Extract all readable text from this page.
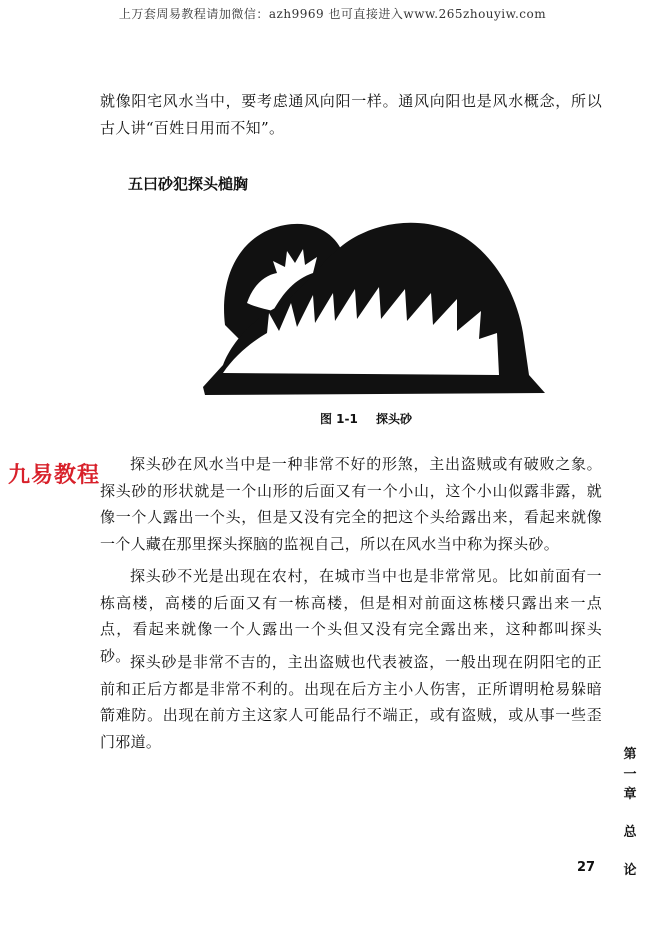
上万套周易教程请加微信：azh9969 也可直接进入www.265zhouyiw.com
九易教程

就像阳宅风水当中，要考虑通风向阳一样。通风向阳也是风水概念，所以古人讲“百姓日用而不知”。

五曰砂犯探头槌胸
图 1-1 探头砂

探头砂在风水当中是一种非常不好的形煞，主出盗贼或有破败之象。探头砂的形状就是一个山形的后面又有一个小山，这个小山似露非露，就像一个人露出一个头，但是又没有完全的把这个头给露出来，看起来就像一个人藏在那里探头探脑的监视自己，所以在风水当中称为探头砂。

探头砂不光是出现在农村，在城市当中也是非常常见。比如前面有一栋高楼，高楼的后面又有一栋高楼，但是相对前面这栋楼只露出来一点点，看起来就像一个人露出一个头但又没有完全露出来，这种都叫探头砂。 探头砂是非常不吉的，主出盗贼也代表被盗，一般出现在阴阳宅的正前和正后方都是非常不利的。出现在后方主小人伤害，正所谓明枪易躲暗箭难防。出现在前方主这家人可能品行不端正，或有盗贼，或从事一些歪门邪道。

第
一
章
总
论
27
